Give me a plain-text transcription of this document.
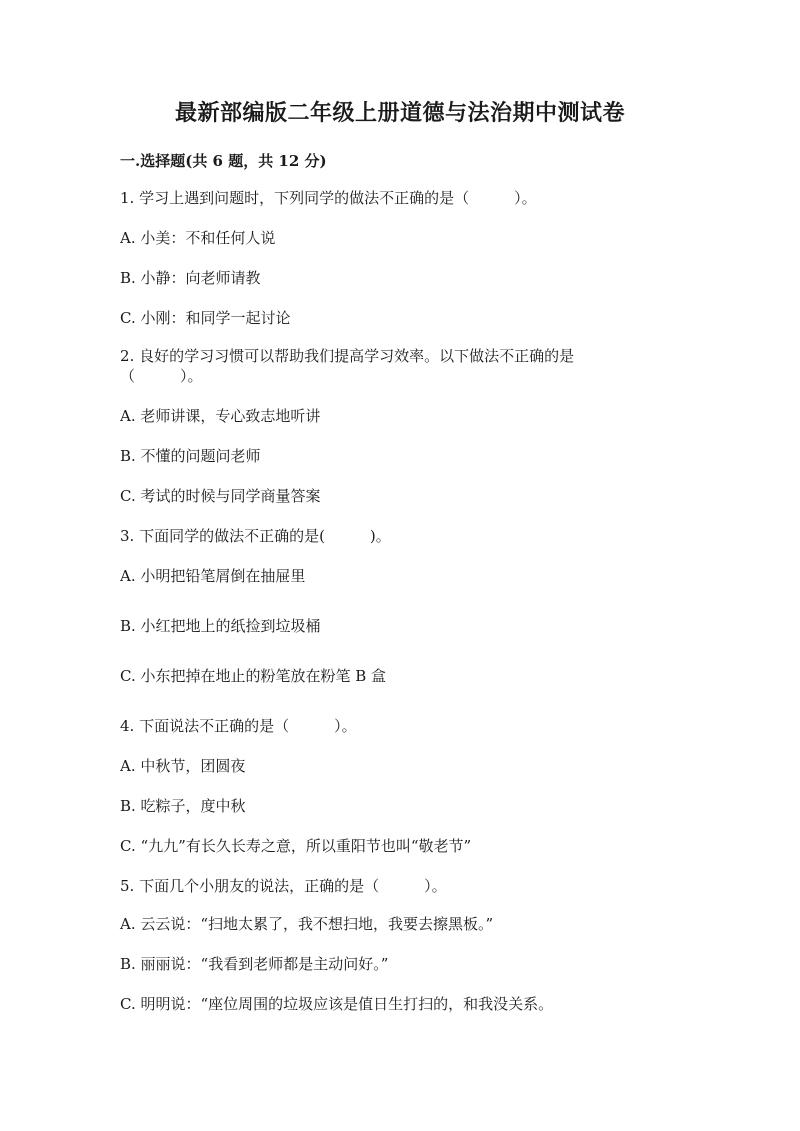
最新部编版二年级上册道德与法治期中测试卷
一.选择题(共 6 题，共 12 分)
1. 学习上遇到问题时，下列同学的做法不正确的是（　　　）。
A. 小美：不和任何人说
B. 小静：向老师请教
C. 小刚：和同学一起讨论
2. 良好的学习习惯可以帮助我们提高学习效率。以下做法不正确的是（　　　）。
A. 老师讲课，专心致志地听讲
B. 不懂的问题问老师
C. 考试的时候与同学商量答案
3. 下面同学的做法不正确的是(　　　)。
A. 小明把铅笔屑倒在抽屉里
B. 小红把地上的纸捡到垃圾桶
C. 小东把掉在地止的粉笔放在粉笔 B 盒
4. 下面说法不正确的是（　　　）。
A. 中秋节，团圆夜
B. 吃粽子，度中秋
C. “九九”有长久长寿之意，所以重阳节也叫“敬老节”
5. 下面几个小朋友的说法，正确的是（　　　）。
A. 云云说：“扫地太累了，我不想扫地，我要去擦黑板。”
B. 丽丽说：“我看到老师都是主动问好。”
C. 明明说：“座位周围的垃圾应该是值日生打扫的，和我没关系。
